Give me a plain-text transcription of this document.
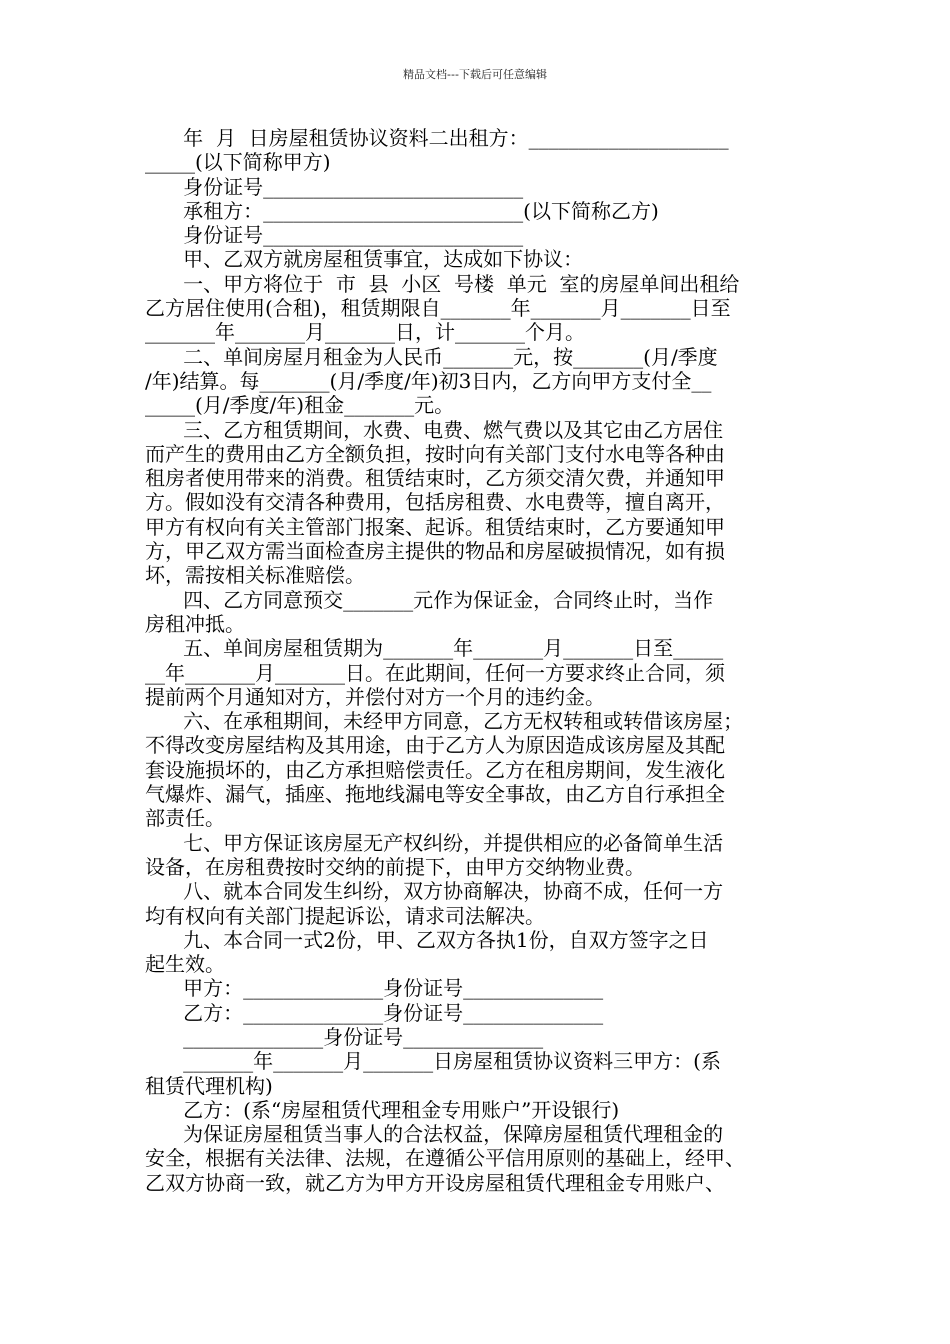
精品文档---下载后可任意编辑
年  月  日房屋租赁协议资料二出租方：____________________
_____(以下简称甲方)
身份证号__________________________
承租方：__________________________(以下简称乙方)
身份证号__________________________
甲、乙双方就房屋租赁事宜，达成如下协议：
一、甲方将位于  市  县  小区  号楼  单元  室的房屋单间出租给
乙方居住使用(合租)，租赁期限自_______年_______月_______日至
_______年_______月_______日，计_______个月。
二、单间房屋月租金为人民币_______元，按_______(月/季度
/年)结算。每_______(月/季度/年)初3日内，乙方向甲方支付全__
_____(月/季度/年)租金_______元。
三、乙方租赁期间，水费、电费、燃气费以及其它由乙方居住
而产生的费用由乙方全额负担，按时向有关部门支付水电等各种由
租房者使用带来的消费。租赁结束时，乙方须交清欠费，并通知甲
方。假如没有交清各种费用，包括房租费、水电费等，擅自离开，
甲方有权向有关主管部门报案、起诉。租赁结束时，乙方要通知甲
方，甲乙双方需当面检查房主提供的物品和房屋破损情况，如有损
坏，需按相关标准赔偿。
四、乙方同意预交_______元作为保证金，合同终止时，当作
房租冲抵。
五、单间房屋租赁期为_______年_______月_______日至_____
__年_______月_______日。在此期间，任何一方要求终止合同，须
提前两个月通知对方，并偿付对方一个月的违约金。
六、在承租期间，未经甲方同意，乙方无权转租或转借该房屋；
不得改变房屋结构及其用途，由于乙方人为原因造成该房屋及其配
套设施损坏的，由乙方承担赔偿责任。乙方在租房期间，发生液化
气爆炸、漏气，插座、拖地线漏电等安全事故，由乙方自行承担全
部责任。
七、甲方保证该房屋无产权纠纷，并提供相应的必备简单生活
设备，在房租费按时交纳的前提下，由甲方交纳物业费。
八、就本合同发生纠纷，双方协商解决，协商不成，任何一方
均有权向有关部门提起诉讼，请求司法解决。
九、本合同一式2份，甲、乙双方各执1份，自双方签字之日
起生效。
甲方：______________身份证号______________
乙方：______________身份证号______________
______________身份证号______________
_______年_______月_______日房屋租赁协议资料三甲方：(系
租赁代理机构)
乙方：(系“房屋租赁代理租金专用账户”开设银行)
为保证房屋租赁当事人的合法权益，保障房屋租赁代理租金的
安全，根据有关法律、法规，在遵循公平信用原则的基础上，经甲、
乙双方协商一致，就乙方为甲方开设房屋租赁代理租金专用账户、
